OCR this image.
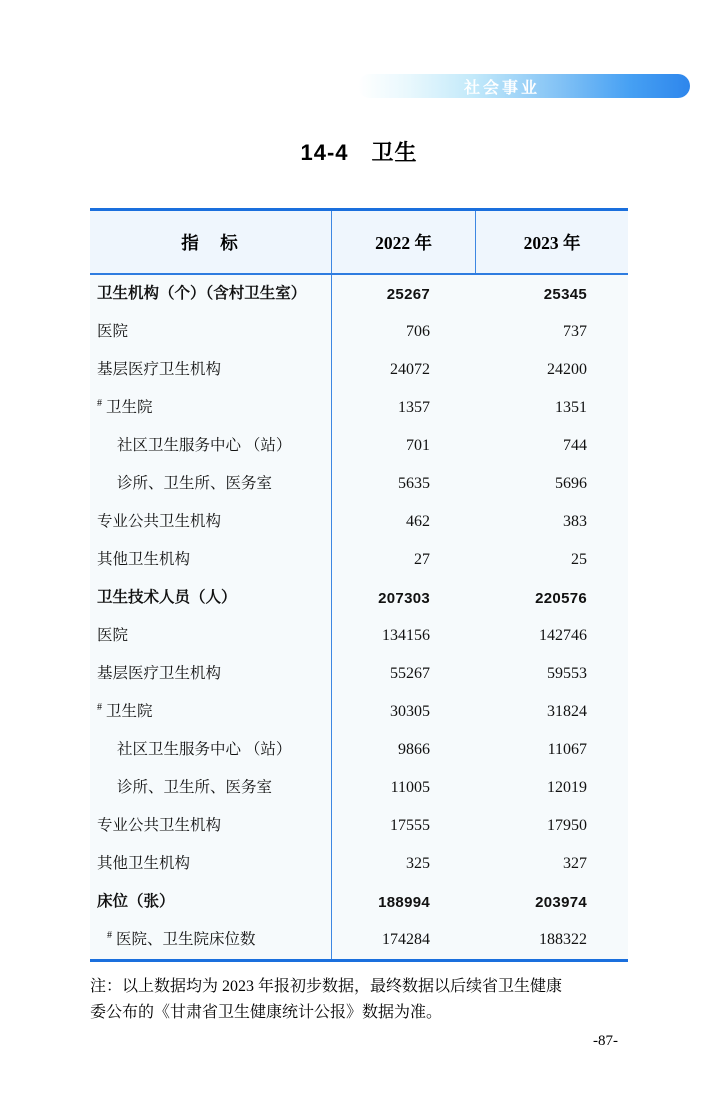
社会事业
14-4　卫生
指　标	2022 年	2023 年
卫生机构（个）（含村卫生室）	25267	25345
医院	706	737
基层医疗卫生机构	24072	24200
# 卫生院	1357	1351
社区卫生服务中心 （站）	701	744
诊所、卫生所、医务室	5635	5696
专业公共卫生机构	462	383
其他卫生机构	27	25
卫生技术人员（人）	207303	220576
医院	134156	142746
基层医疗卫生机构	55267	59553
# 卫生院	30305	31824
社区卫生服务中心 （站）	9866	11067
诊所、卫生所、医务室	11005	12019
专业公共卫生机构	17555	17950
其他卫生机构	325	327
床位（张）	188994	203974
# 医院、卫生院床位数	174284	188322
注：以上数据均为 2023 年报初步数据，最终数据以后续省卫生健康
委公布的《甘肃省卫生健康统计公报》数据为准。
-87-
